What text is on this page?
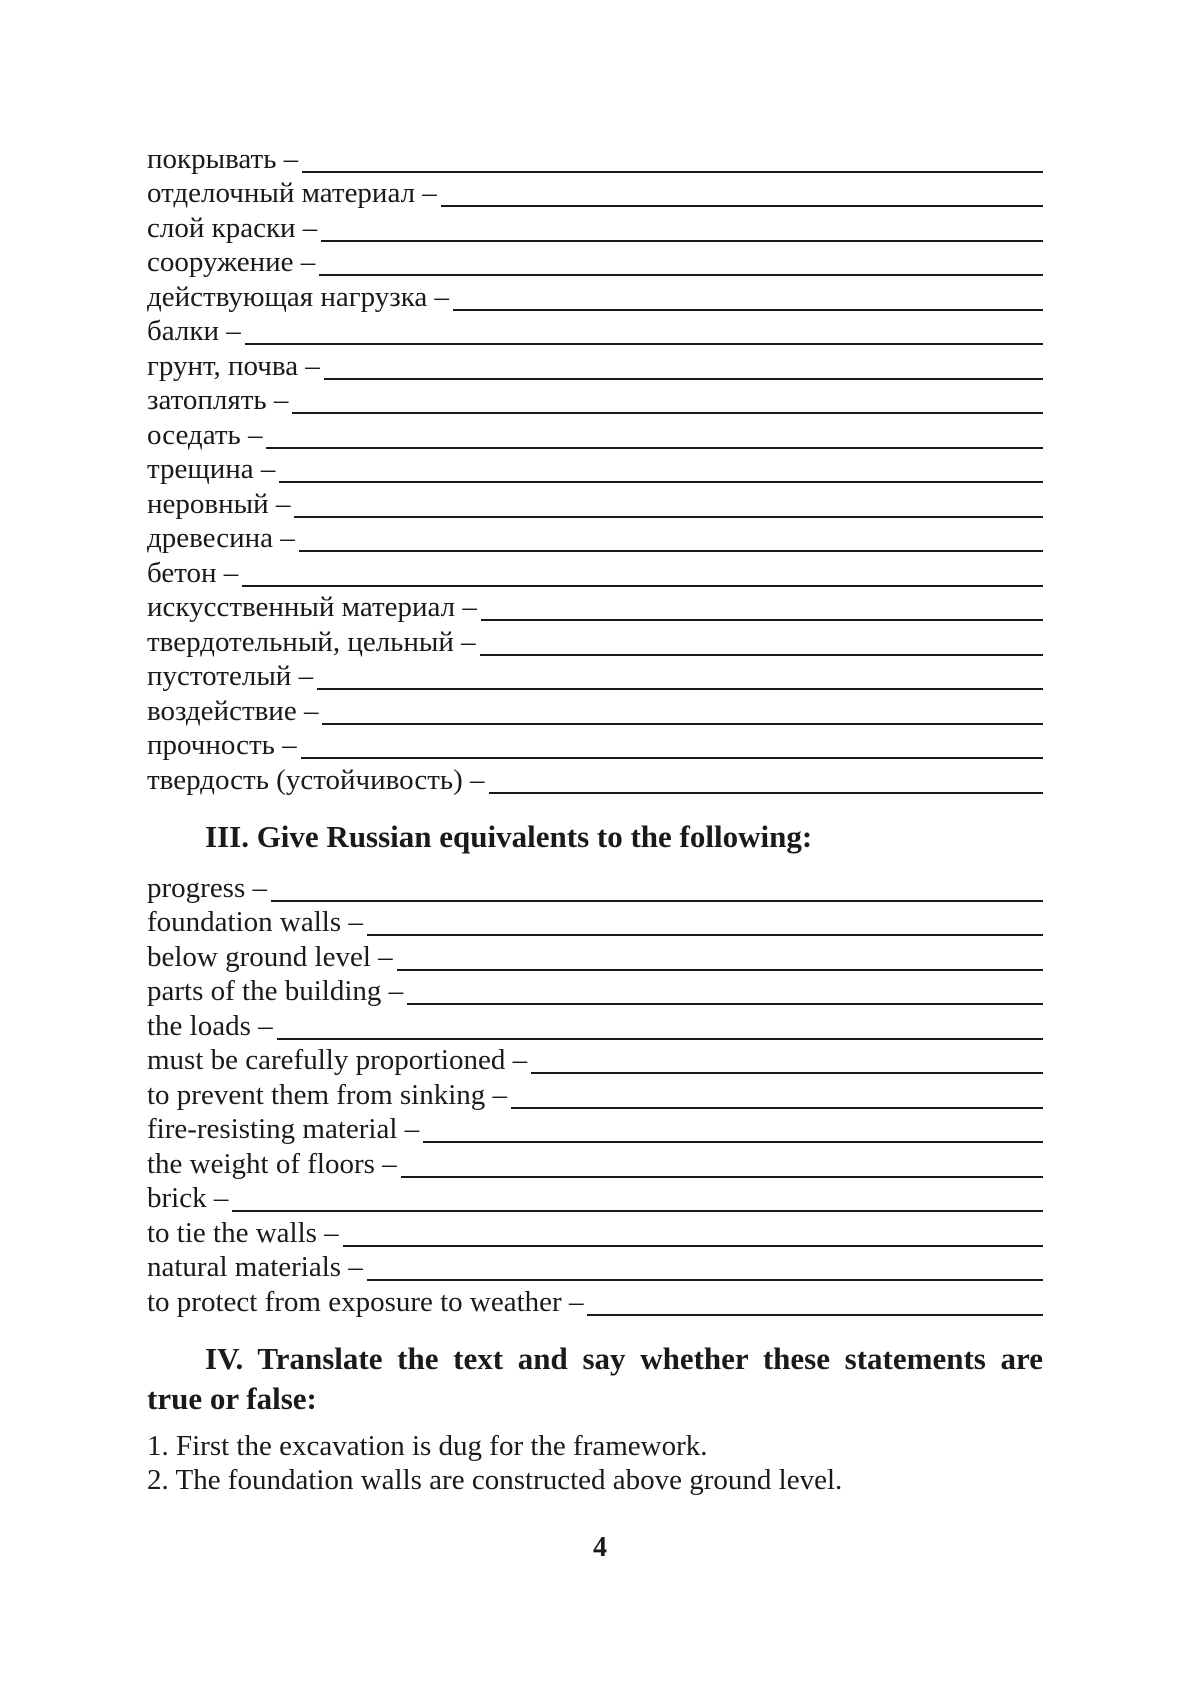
покрывать –
отделочный материал –
слой краски –
сооружение –
действующая нагрузка –
балки –
грунт, почва –
затоплять –
оседать –
трещина –
неровный –
древесина –
бетон –
искусственный материал –
твердотельный, цельный –
пустотелый –
воздействие –
прочность –
твердость (устойчивость) –
III. Give Russian equivalents to the following:
progress –
foundation walls –
below ground level –
parts of the building –
the loads –
must be carefully proportioned –
to prevent them from sinking –
fire-resisting material –
the weight of floors –
brick –
to tie the walls –
natural materials –
to protect from exposure to weather –
IV. Translate the text and say whether these statements are true or false:
1. First the excavation is dug for the framework.
2. The foundation walls are constructed above ground level.
4
